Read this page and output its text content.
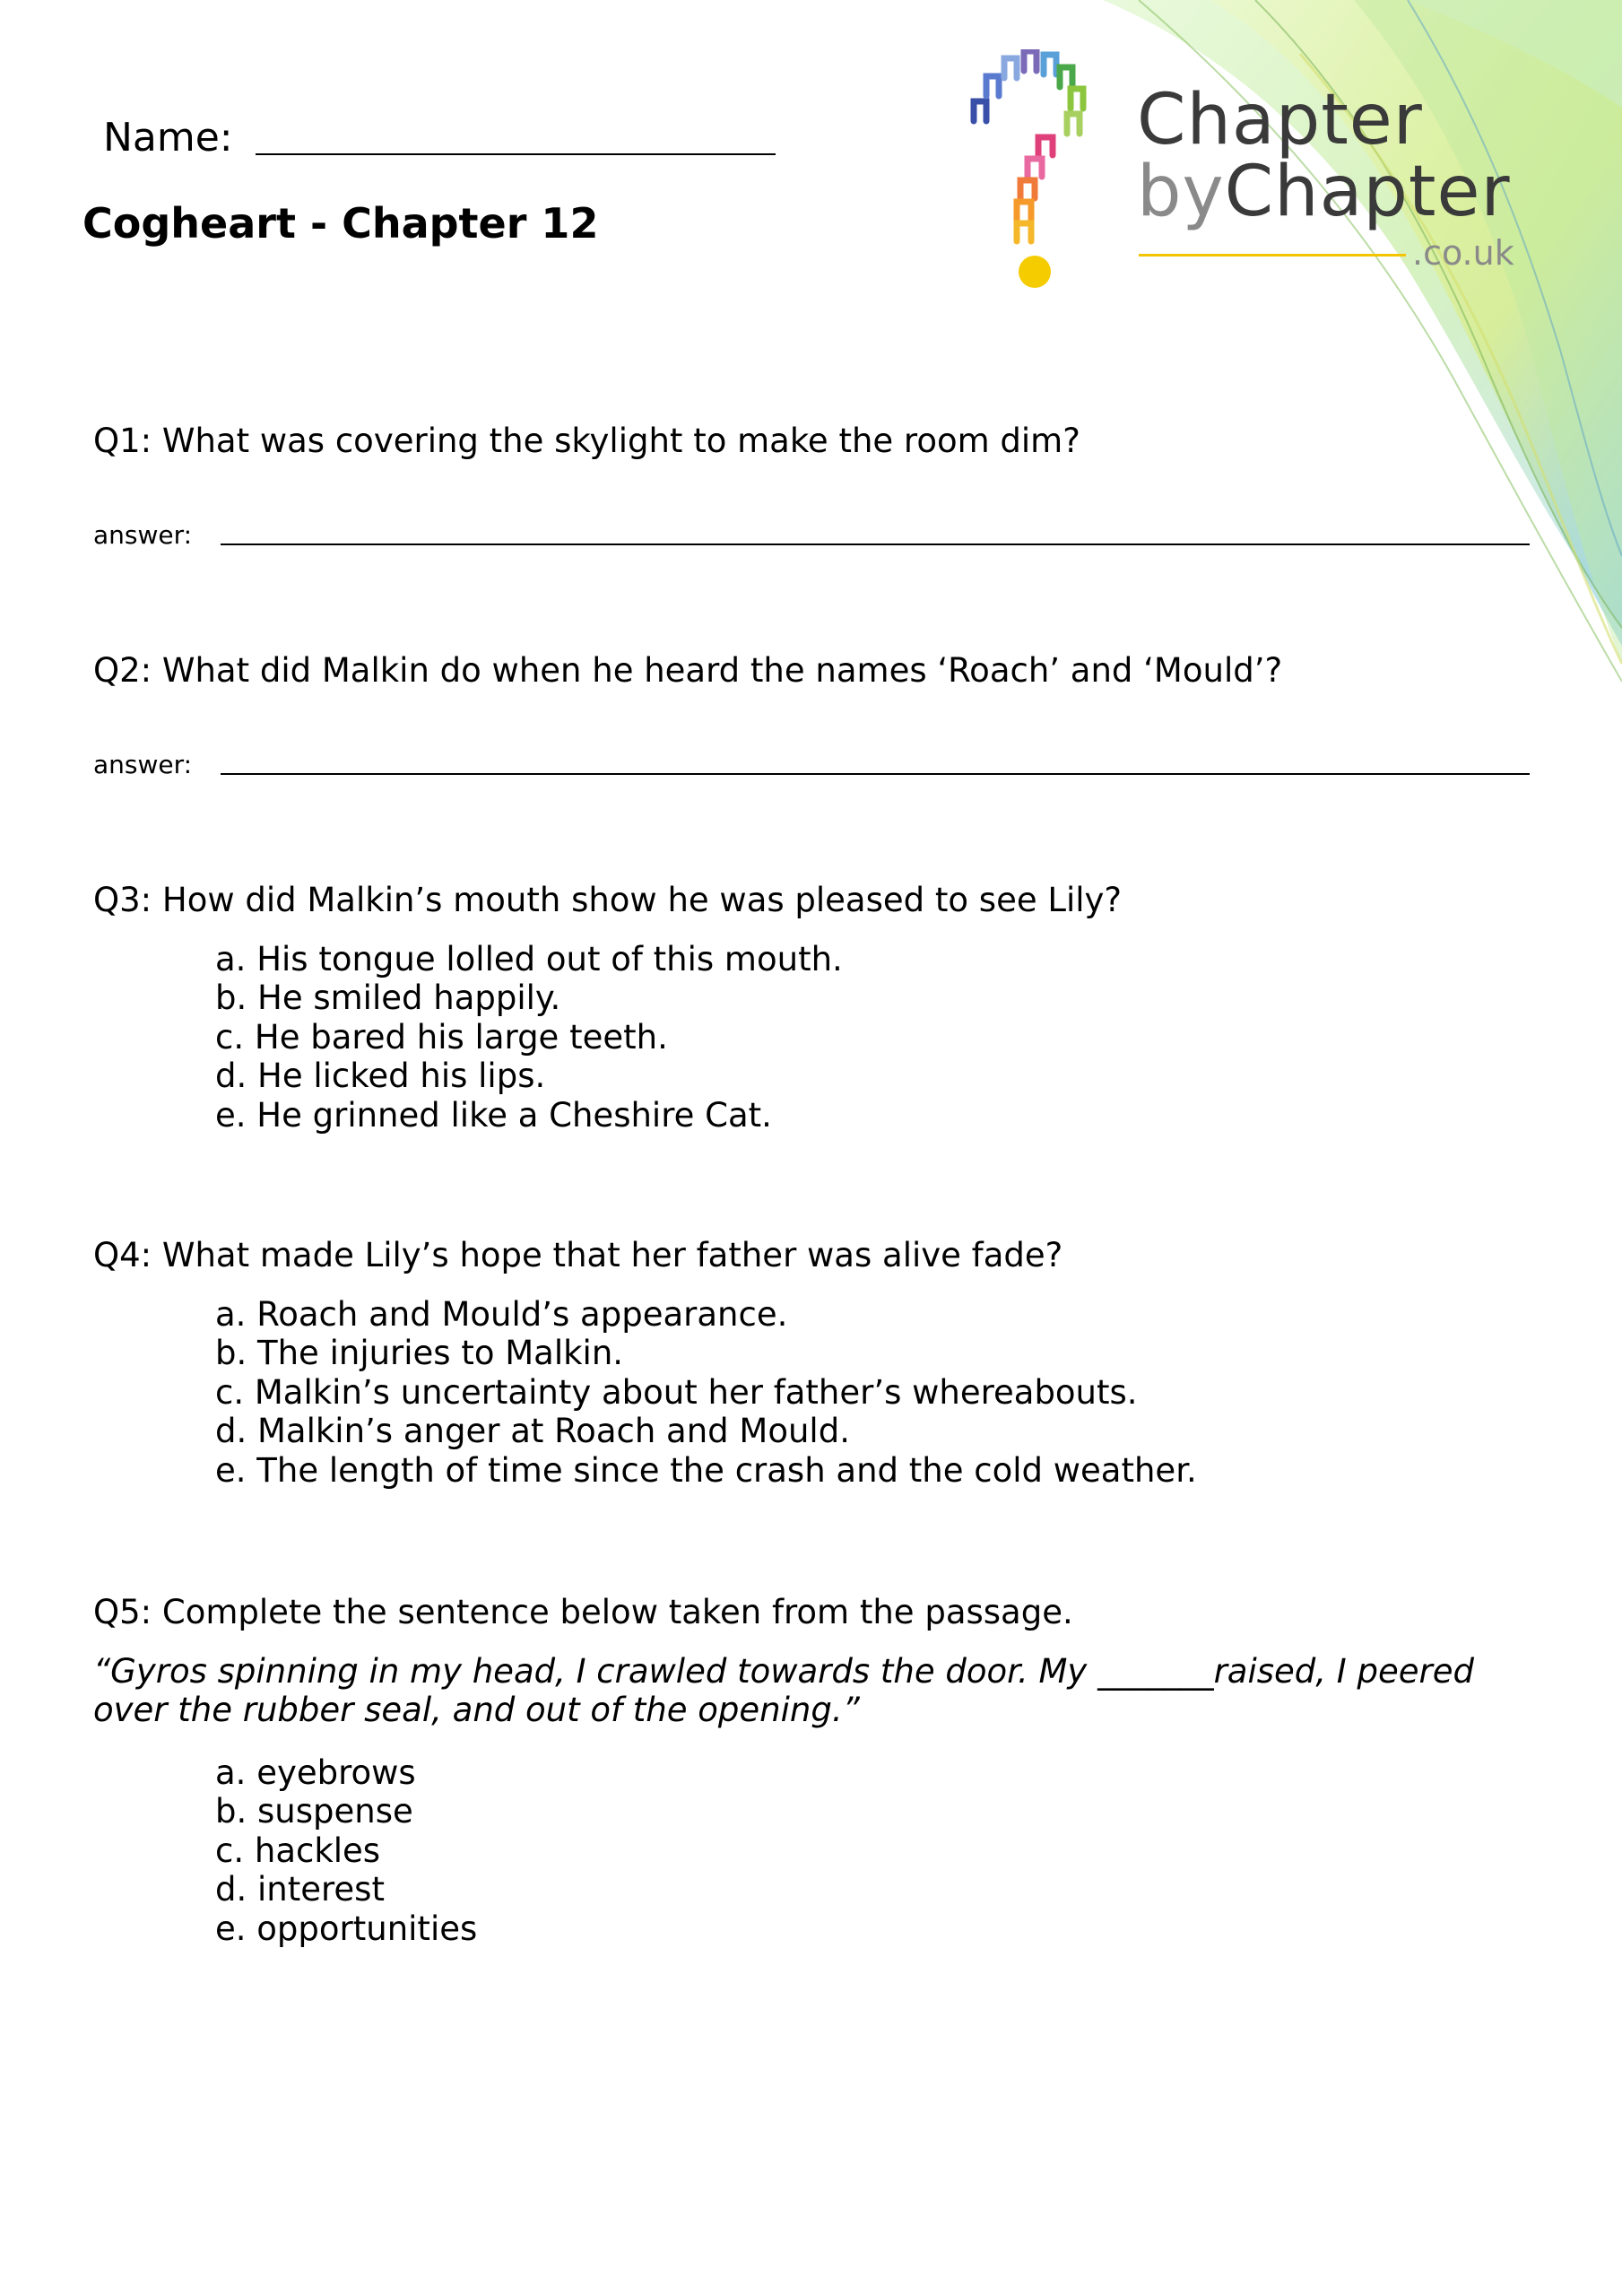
Chapter
byChapter
.co.uk
Name:
Cogheart - Chapter 12
Q1: What was covering the skylight to make the room dim?
answer:
Q2: What did Malkin do when he heard the names ‘Roach’ and ‘Mould’?
answer:
Q3: How did Malkin’s mouth show he was pleased to see Lily?
a. His tongue lolled out of this mouth.
b. He smiled happily.
c. He bared his large teeth.
d. He licked his lips.
e. He grinned like a Cheshire Cat.
Q4: What made Lily’s hope that her father was alive fade?
a. Roach and Mould’s appearance.
b. The injuries to Malkin.
c. Malkin’s uncertainty about her father’s whereabouts.
d. Malkin’s anger at Roach and Mould.
e. The length of time since the crash and the cold weather.
Q5: Complete the sentence below taken from the passage.
“Gyros spinning in my head, I crawled towards the door. My _______raised, I peered over the rubber seal, and out of the opening.”
a. eyebrows
b. suspense
c. hackles
d. interest
e. opportunities
